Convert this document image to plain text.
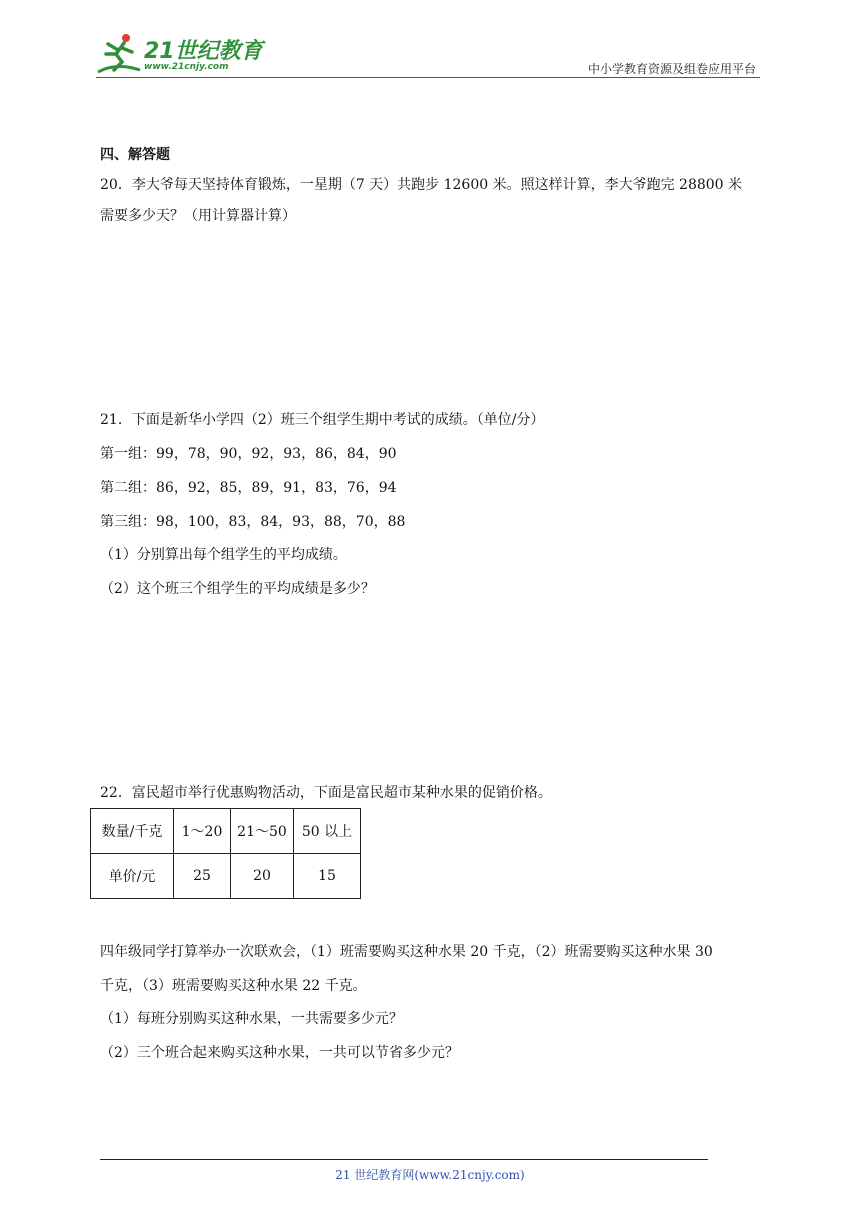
21世纪教育
www.21cnjy.com	中小学教育资源及组卷应用平台
四、解答题
20．李大爷每天坚持体育锻炼，一星期（7 天）共跑步 12600 米。照这样计算，李大爷跑完 28800 米
需要多少天？（用计算器计算）
21．下面是新华小学四（2）班三个组学生期中考试的成绩。（单位/分）
第一组：99，78，90，92，93，86，84，90
第二组：86，92，85，89，91，83，76，94
第三组：98，100，83，84，93，88，70，88
（1）分别算出每个组学生的平均成绩。
（2）这个班三个组学生的平均成绩是多少？
22．富民超市举行优惠购物活动，下面是富民超市某种水果的促销价格。
数量/千克	1～20	21～50	50 以上
单价/元	25	20	15
四年级同学打算举办一次联欢会，（1）班需要购买这种水果 20 千克，（2）班需要购买这种水果 30
千克，（3）班需要购买这种水果 22 千克。
（1）每班分别购买这种水果，一共需要多少元？
（2）三个班合起来购买这种水果，一共可以节省多少元？
21 世纪教育网(www.21cnjy.com)
